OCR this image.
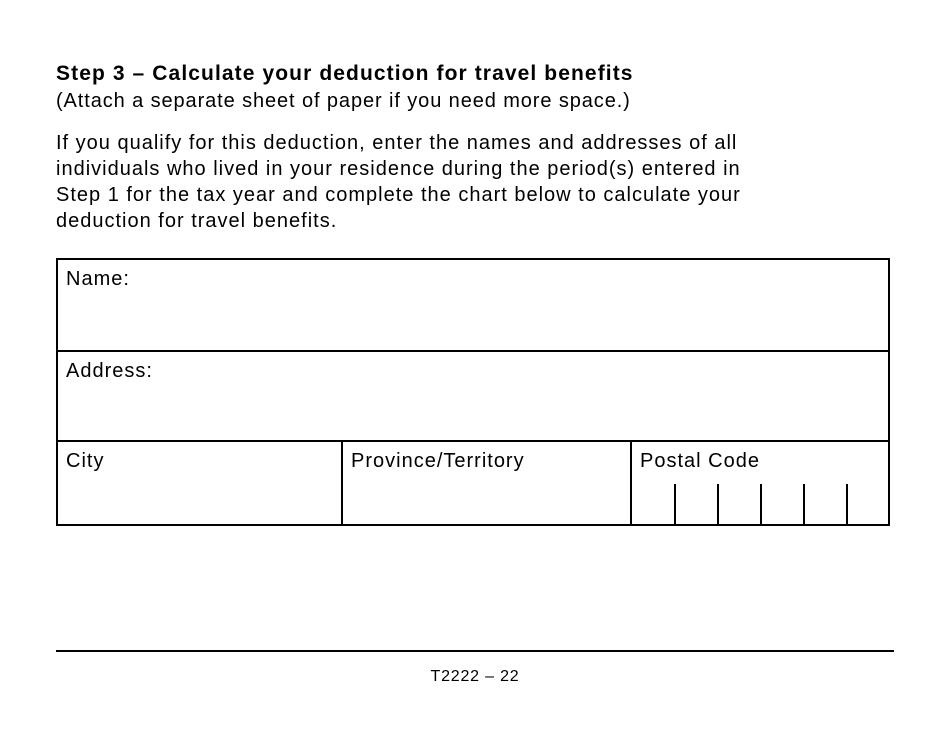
Step 3 – Calculate your deduction for travel benefits
(Attach a separate sheet of paper if you need more space.)
If you qualify for this deduction, enter the names and addresses of all
individuals who lived in your residence during the period(s) entered in
Step 1 for the tax year and complete the chart below to calculate your
deduction for travel benefits.
Name:
Address:
City	Province/Territory	Postal Code
T2222 – 22
